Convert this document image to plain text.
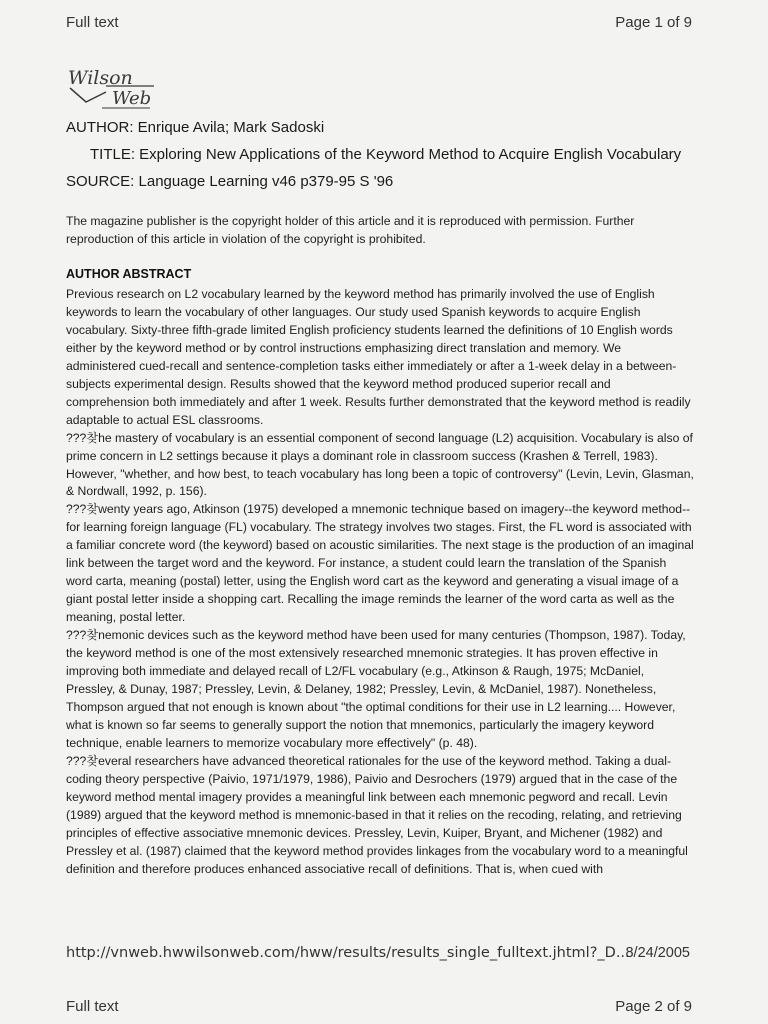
Full text	Page 1 of 9
Wilson
Web
AUTHOR: Enrique Avila; Mark Sadoski
TITLE: Exploring New Applications of the Keyword Method to Acquire English Vocabulary
SOURCE: Language Learning v46 p379-95 S '96
The magazine publisher is the copyright holder of this article and it is reproduced with permission. Further reproduction of this article in violation of the copyright is prohibited.
AUTHOR ABSTRACT

Previous research on L2 vocabulary learned by the keyword method has primarily involved the use of English keywords to learn the vocabulary of other languages. Our study used Spanish keywords to acquire English vocabulary. Sixty-three fifth-grade limited English proficiency students learned the definitions of 10 English words either by the keyword method or by control instructions emphasizing direct translation and memory. We administered cued-recall and sentence-completion tasks either immediately or after a 1-week delay in a between-subjects experimental design. Results showed that the keyword method produced superior recall and comprehension both immediately and after 1 week. Results further demonstrated that the keyword method is readily adaptable to actual ESL classrooms.

???찾he mastery of vocabulary is an essential component of second language (L2) acquisition. Vocabulary is also of prime concern in L2 settings because it plays a dominant role in classroom success (Krashen & Terrell, 1983). However, "whether, and how best, to teach vocabulary has long been a topic of controversy" (Levin, Levin, Glasman, & Nordwall, 1992, p. 156).

???찾wenty years ago, Atkinson (1975) developed a mnemonic technique based on imagery--the keyword method--for learning foreign language (FL) vocabulary. The strategy involves two stages. First, the FL word is associated with a familiar concrete word (the keyword) based on acoustic similarities. The next stage is the production of an imaginal link between the target word and the keyword. For instance, a student could learn the translation of the Spanish word carta, meaning (postal) letter, using the English word cart as the keyword and generating a visual image of a giant postal letter inside a shopping cart. Recalling the image reminds the learner of the word carta as well as the meaning, postal letter.

???찾nemonic devices such as the keyword method have been used for many centuries (Thompson, 1987). Today, the keyword method is one of the most extensively researched mnemonic strategies. It has proven effective in improving both immediate and delayed recall of L2/FL vocabulary (e.g., Atkinson & Raugh, 1975; McDaniel, Pressley, & Dunay, 1987; Pressley, Levin, & Delaney, 1982; Pressley, Levin, & McDaniel, 1987). Nonetheless, Thompson argued that not enough is known about "the optimal conditions for their use in L2 learning.... However, what is known so far seems to generally support the notion that mnemonics, particularly the imagery keyword technique, enable learners to memorize vocabulary more effectively" (p. 48).

???찾everal researchers have advanced theoretical rationales for the use of the keyword method. Taking a dual-coding theory perspective (Paivio, 1971/1979, 1986), Paivio and Desrochers (1979) argued that in the case of the keyword method mental imagery provides a meaningful link between each mnemonic pegword and recall. Levin (1989) argued that the keyword method is mnemonic-based in that it relies on the recoding, relating, and retrieving principles of effective associative mnemonic devices. Pressley, Levin, Kuiper, Bryant, and Michener (1982) and Pressley et al. (1987) claimed that the keyword method provides linkages from the vocabulary word to a meaningful definition and therefore produces enhanced associative recall of definitions. That is, when cued with

http://vnweb.hwwilsonweb.com/hww/results/results_single_fulltext.jhtml?_D...
8/24/2005
Full text	Page 2 of 9
